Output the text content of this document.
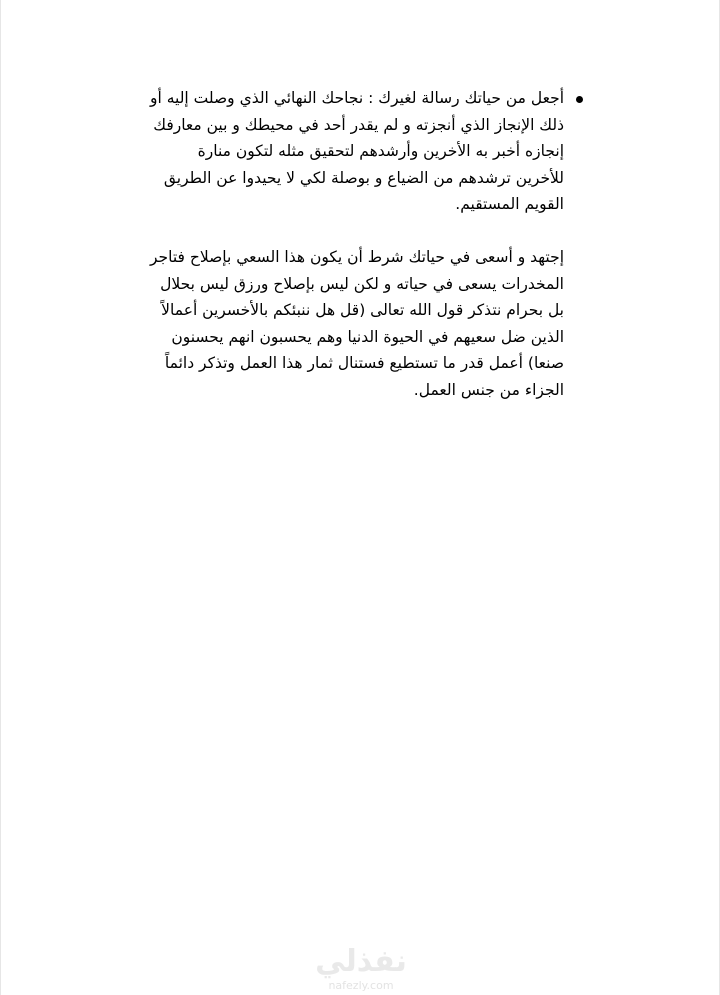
أجعل من حياتك رسالة لغيرك : نجاحك النهائي الذي وصلت إليه أو
ذلك الإنجاز الذي أنجزته و لم يقدر أحد في محيطك و بين معارفك
إنجازه أخبر به الأخرين وأرشدهم لتحقيق مثله لتكون منارة
للأخرين ترشدهم من الضياع و بوصلة لكي لا يحيدوا عن الطريق
القويم المستقيم.

إجتهد و أسعى في حياتك شرط أن يكون هذا السعي بإصلاح فتاجر
المخدرات يسعى في حياته و لكن ليس بإصلاح ورزق ليس بحلال
بل بحرام نتذكر قول الله تعالى (قل هل ننبئكم بالأخسرين أعمالاً
الذين ضل سعيهم في الحيوة الدنيا وهم يحسبون انهم يحسنون
صنعا) أعمل قدر ما تستطيع فستنال ثمار هذا العمل وتذكر دائماً
الجزاء من جنس العمل.

نفذلي
nafezly.com
